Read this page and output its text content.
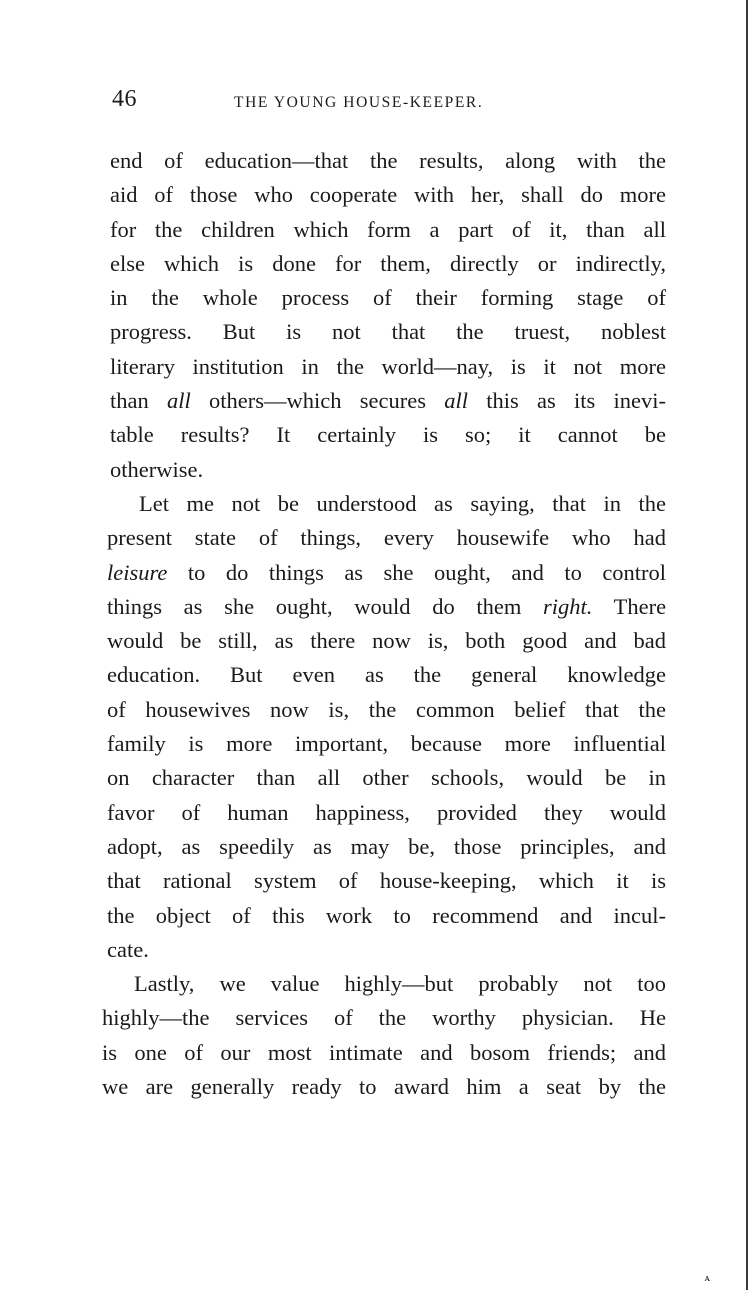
46	THE YOUNG HOUSE-KEEPER.
end of education—that the results, along with the
aid of those who cooperate with her, shall do more
for the children which form a part of it, than all
else which is done for them, directly or indirectly,
in the whole process of their forming stage of
progress. But is not that the truest, noblest
literary institution in the world—nay, is it not more
than all others—which secures all this as its inevi-
table results? It certainly is so; it cannot be
otherwise.
Let me not be understood as saying, that in the
present state of things, every housewife who had
leisure to do things as she ought, and to control
things as she ought, would do them right. There
would be still, as there now is, both good and bad
education. But even as the general knowledge
of housewives now is, the common belief that the
family is more important, because more influential
on character than all other schools, would be in
favor of human happiness, provided they would
adopt, as speedily as may be, those principles, and
that rational system of house-keeping, which it is
the object of this work to recommend and incul-
cate.
Lastly, we value highly—but probably not too
highly—the services of the worthy physician. He
is one of our most intimate and bosom friends; and
we are generally ready to award him a seat by the
ᴀ
